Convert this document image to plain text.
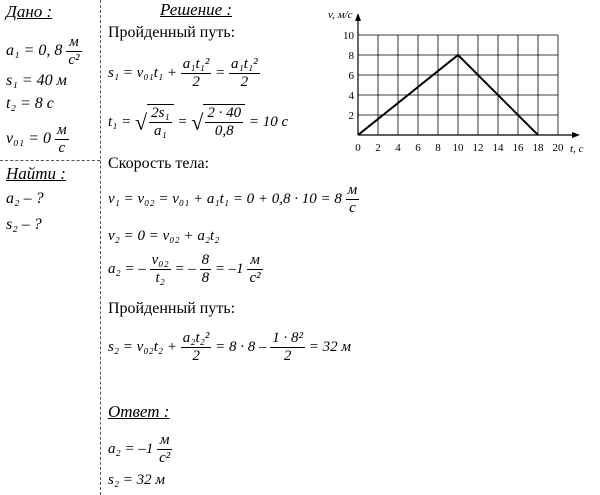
Дано :
a₁ = 0, $8 \frac{м}{\text{с²}}$
s₁ = 40 м
t₂ = 8 с
$v_{01} = 0 \frac{м}{с}$
Найти :
a₂ – ?
s₂ – ?
Решение :
Пройденный путь:
$s_1 = v_{01}t_1 + \frac{\text{a₁t₁²}}{2} = \frac{\text{a₁t₁²}}{2}$
t₁ = √ $\frac{\text{2s₁}}{\text{a₁}}$ = √ $\frac{2 \cdot 40}{0,8} = 10$ с
Скорость тела:
$v_1 = v_{02} = v_{01} + a_1t_1 = 0 + 0,8 \cdot 10 = 8 \frac{м}{с}$
v₂ = 0 = v₀₂ + a₂t₂
a₂ = – $\frac{\text{v₀₂}}{\text{t₂}}$ = – $\frac{8}{8} = -1 \frac{м}{\text{с²}}$
Пройденный путь:
$s_2 = v_{02}t_2 + \frac{\text{a₂t₂²}}{2} = 8 \cdot 8 - \frac{\text{1 · 8²}}{2} = 32$ м
Ответ :
$a_2 = -1 \frac{м}{\text{с²}}$
s₂ = 32 м
0 2 4 6 8 10 12 14 16 18 20
2
4
6
8
10
v, м/с
t, с
